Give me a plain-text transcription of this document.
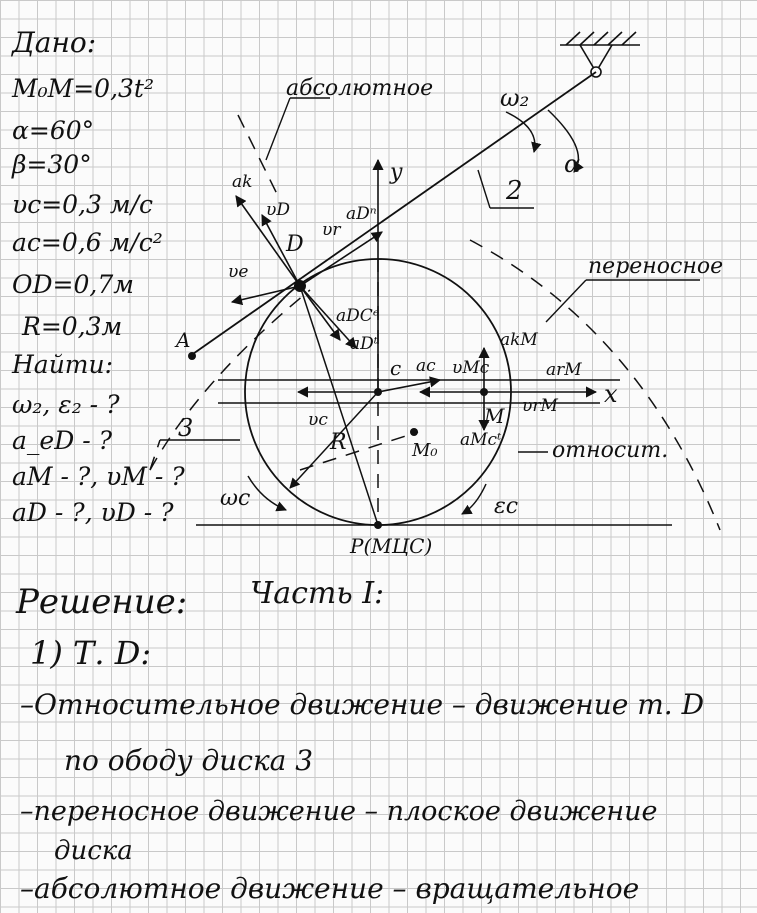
Дано:
M₀M=0,3t²
α=60°
β=30°
υc=0,3 м/c
ac=0,6 м/c²
OD=0,7м
R=0,3м
Найти:
ω₂, ε₂ - ?
a_eD - ?
aM - ?, υM - ?
aD - ?, υD - ?
абсолютное
переносное
относит.
ω₂
α
2
3
y
x
A
D
c
M
M₀
R
ωc	εc
P(МЦС)
υD
υr
υe
υc
ak
aDⁿ
aDCᵉ
aDᵗ
ac υMc
akM
arM
υrM
aMcᵗ
Решение: Часть I:
1) Т. D:
–Относительное движение – движение т. D
по ободу диска 3
–переносное движение – плоское движение
диска
–абсолютное движение – вращательное
